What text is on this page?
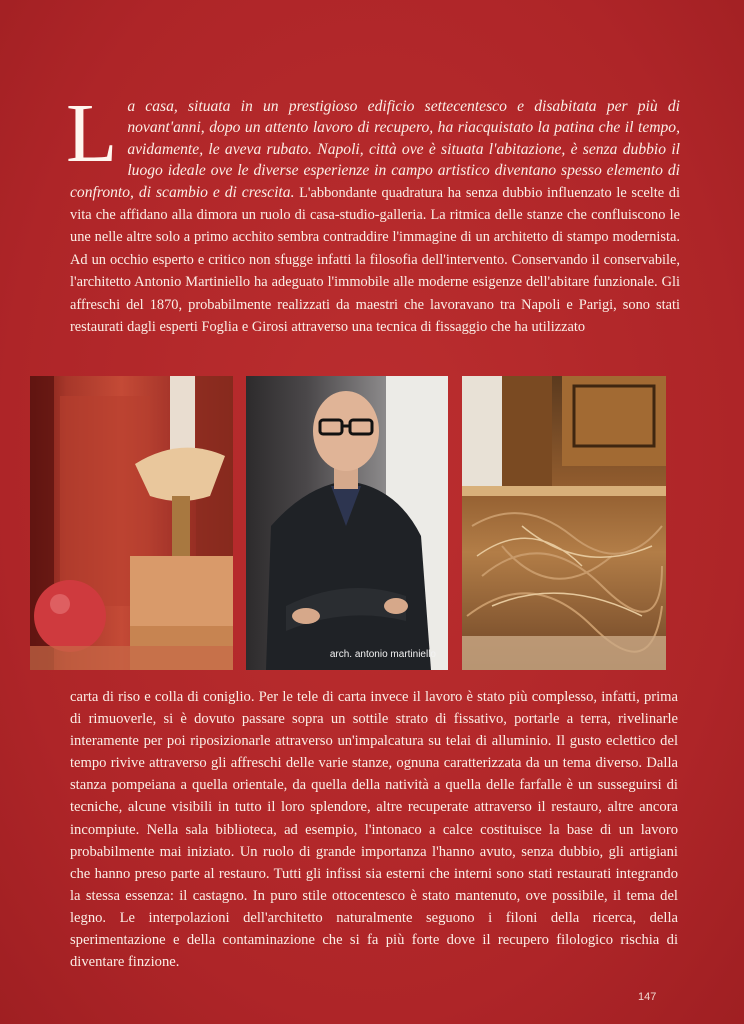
La casa, situata in un prestigioso edificio settecentesco e disabitata per più di novant'anni, dopo un attento lavoro di recupero, ha riacquistato la patina che il tempo, avidamente, le aveva rubato. Napoli, città ove è situata l'abitazione, è senza dubbio il luogo ideale ove le diverse esperienze in campo artistico diventano spesso elemento di confronto, di scambio e di crescita. L'abbondante quadratura ha senza dubbio influenzato le scelte di vita che affidano alla dimora un ruolo di casa-studio-galleria. La ritmica delle stanze che confluiscono le une nelle altre solo a primo acchito sembra contraddire l'immagine di un architetto di stampo modernista. Ad un occhio esperto e critico non sfugge infatti la filosofia dell'intervento. Conservando il conservabile, l'architetto Antonio Martiniello ha adeguato l'immobile alle moderne esigenze dell'abitare funzionale. Gli affreschi del 1870, probabilmente realizzati da maestri che lavoravano tra Napoli e Parigi, sono stati restaurati dagli esperti Foglia e Girosi attraverso una tecnica di fissaggio che ha utilizzato
arch. antonio martiniello
carta di riso e colla di coniglio. Per le tele di carta invece il lavoro è stato più complesso, infatti, prima di rimuoverle, si è dovuto passare sopra un sottile strato di fissativo, portarle a terra, rivelinarle interamente per poi riposizionarle attraverso un'impalcatura su telai di alluminio. Il gusto eclettico del tempo rivive attraverso gli affreschi delle varie stanze, ognuna caratterizzata da un tema diverso. Dalla stanza pompeiana a quella orientale, da quella della natività a quella delle farfalle è un susseguirsi di tecniche, alcune visibili in tutto il loro splendore, altre recuperate attraverso il restauro, altre ancora incompiute. Nella sala biblioteca, ad esempio, l'intonaco a calce costituisce la base di un lavoro probabilmente mai iniziato. Un ruolo di grande importanza l'hanno avuto, senza dubbio, gli artigiani che hanno preso parte al restauro. Tutti gli infissi sia esterni che interni sono stati restaurati integrando la stessa essenza: il castagno. In puro stile ottocentesco è stato mantenuto, ove possibile, il tema del legno. Le interpolazioni dell'architetto naturalmente seguono i filoni della ricerca, della sperimentazione e della contaminazione che si fa più forte dove il recupero filologico rischia di diventare finzione.
147
